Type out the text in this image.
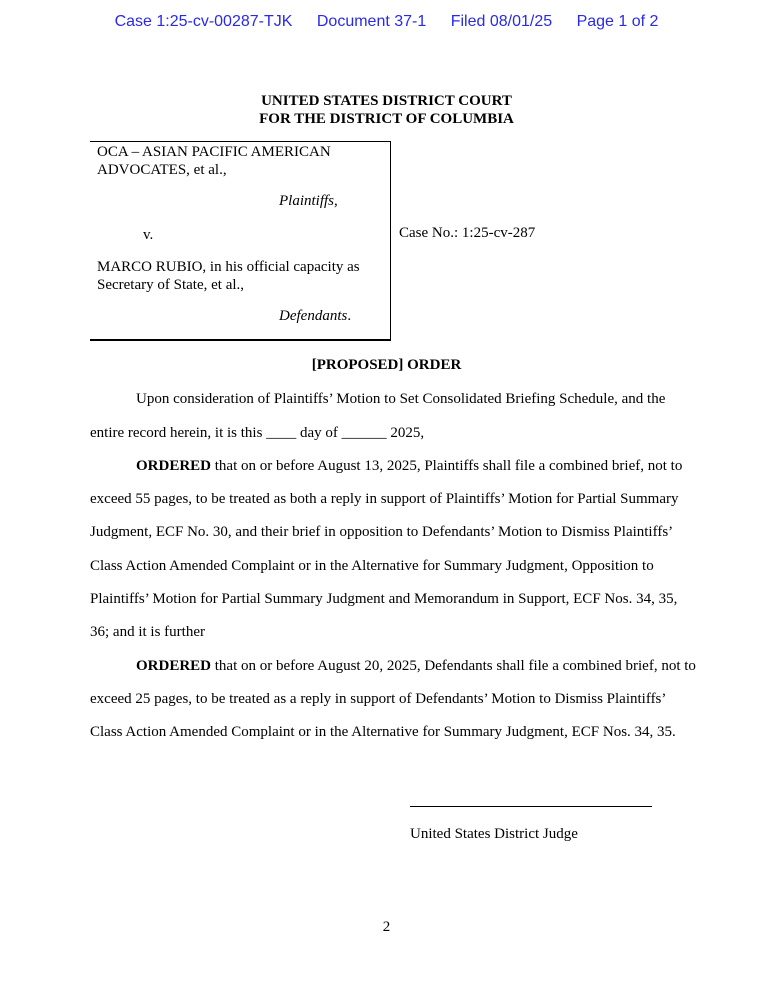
Case 1:25-cv-00287-TJK Document 37-1 Filed 08/01/25 Page 1 of 2
UNITED STATES DISTRICT COURT
FOR THE DISTRICT OF COLUMBIA
OCA – ASIAN PACIFIC AMERICAN
ADVOCATES, et al.,
Plaintiffs,
v.
MARCO RUBIO, in his official capacity as
Secretary of State, et al.,
Defendants.
Case No.: 1:25-cv-287
[PROPOSED] ORDER
Upon consideration of Plaintiffs’ Motion to Set Consolidated Briefing Schedule, and the
entire record herein, it is this ____ day of ______ 2025,
ORDERED that on or before August 13, 2025, Plaintiffs shall file a combined brief, not to
exceed 55 pages, to be treated as both a reply in support of Plaintiffs’ Motion for Partial Summary
Judgment, ECF No. 30, and their brief in opposition to Defendants’ Motion to Dismiss Plaintiffs’
Class Action Amended Complaint or in the Alternative for Summary Judgment, Opposition to
Plaintiffs’ Motion for Partial Summary Judgment and Memorandum in Support, ECF Nos. 34, 35,
36; and it is further
ORDERED that on or before August 20, 2025, Defendants shall file a combined brief, not to
exceed 25 pages, to be treated as a reply in support of Defendants’ Motion to Dismiss Plaintiffs’
Class Action Amended Complaint or in the Alternative for Summary Judgment, ECF Nos. 34, 35.
United States District Judge
2
